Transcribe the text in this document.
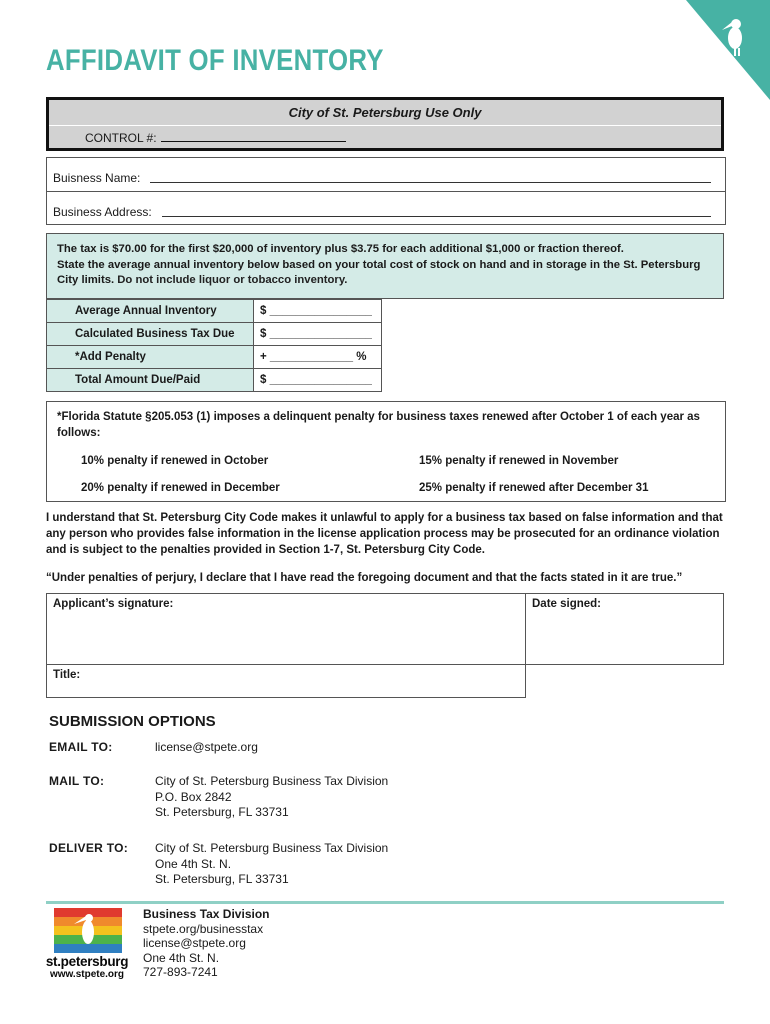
AFFIDAVIT OF INVENTORY
City of St. Petersburg Use Only
CONTROL #:
Buisness Name:
Business Address:
The tax is $70.00 for the first $20,000 of inventory plus $3.75 for each additional $1,000 or fraction thereof.
State the average annual inventory below based on your total cost of stock on hand and in storage in the St. Petersburg City limits. Do not include liquor or tobacco inventory.
Average Annual Inventory	$ ________________
Calculated Business Tax Due	$ ________________
*Add Penalty	+ _____________ %
Total Amount Due/Paid	$ ________________
*Florida Statute §205.053 (1) imposes a delinquent penalty for business taxes renewed after October 1 of each year as follows:
10% penalty if renewed in October	15% penalty if renewed in November
20% penalty if renewed in December	25% penalty if renewed after December 31
I understand that St. Petersburg City Code makes it unlawful to apply for a business tax based on false information and that any person who provides false information in the license application process may be prosecuted for an ordinance violation and is subject to the penalties provided in Section 1-7, St. Petersburg City Code.
“Under penalties of perjury, I declare that I have read the foregoing document and that the facts stated in it are true.”
Applicant’s signature:	Date signed:
Title:
SUBMISSION OPTIONS
EMAIL TO:	license@stpete.org
MAIL TO:	City of St. Petersburg Business Tax Division
P.O. Box 2842
St. Petersburg, FL 33731
DELIVER TO:	City of St. Petersburg Business Tax Division
One 4th St. N.
St. Petersburg, FL 33731
st.petersburg
www.stpete.org
Business Tax Division
stpete.org/businesstax
license@stpete.org
One 4th St. N.
727-893-7241
